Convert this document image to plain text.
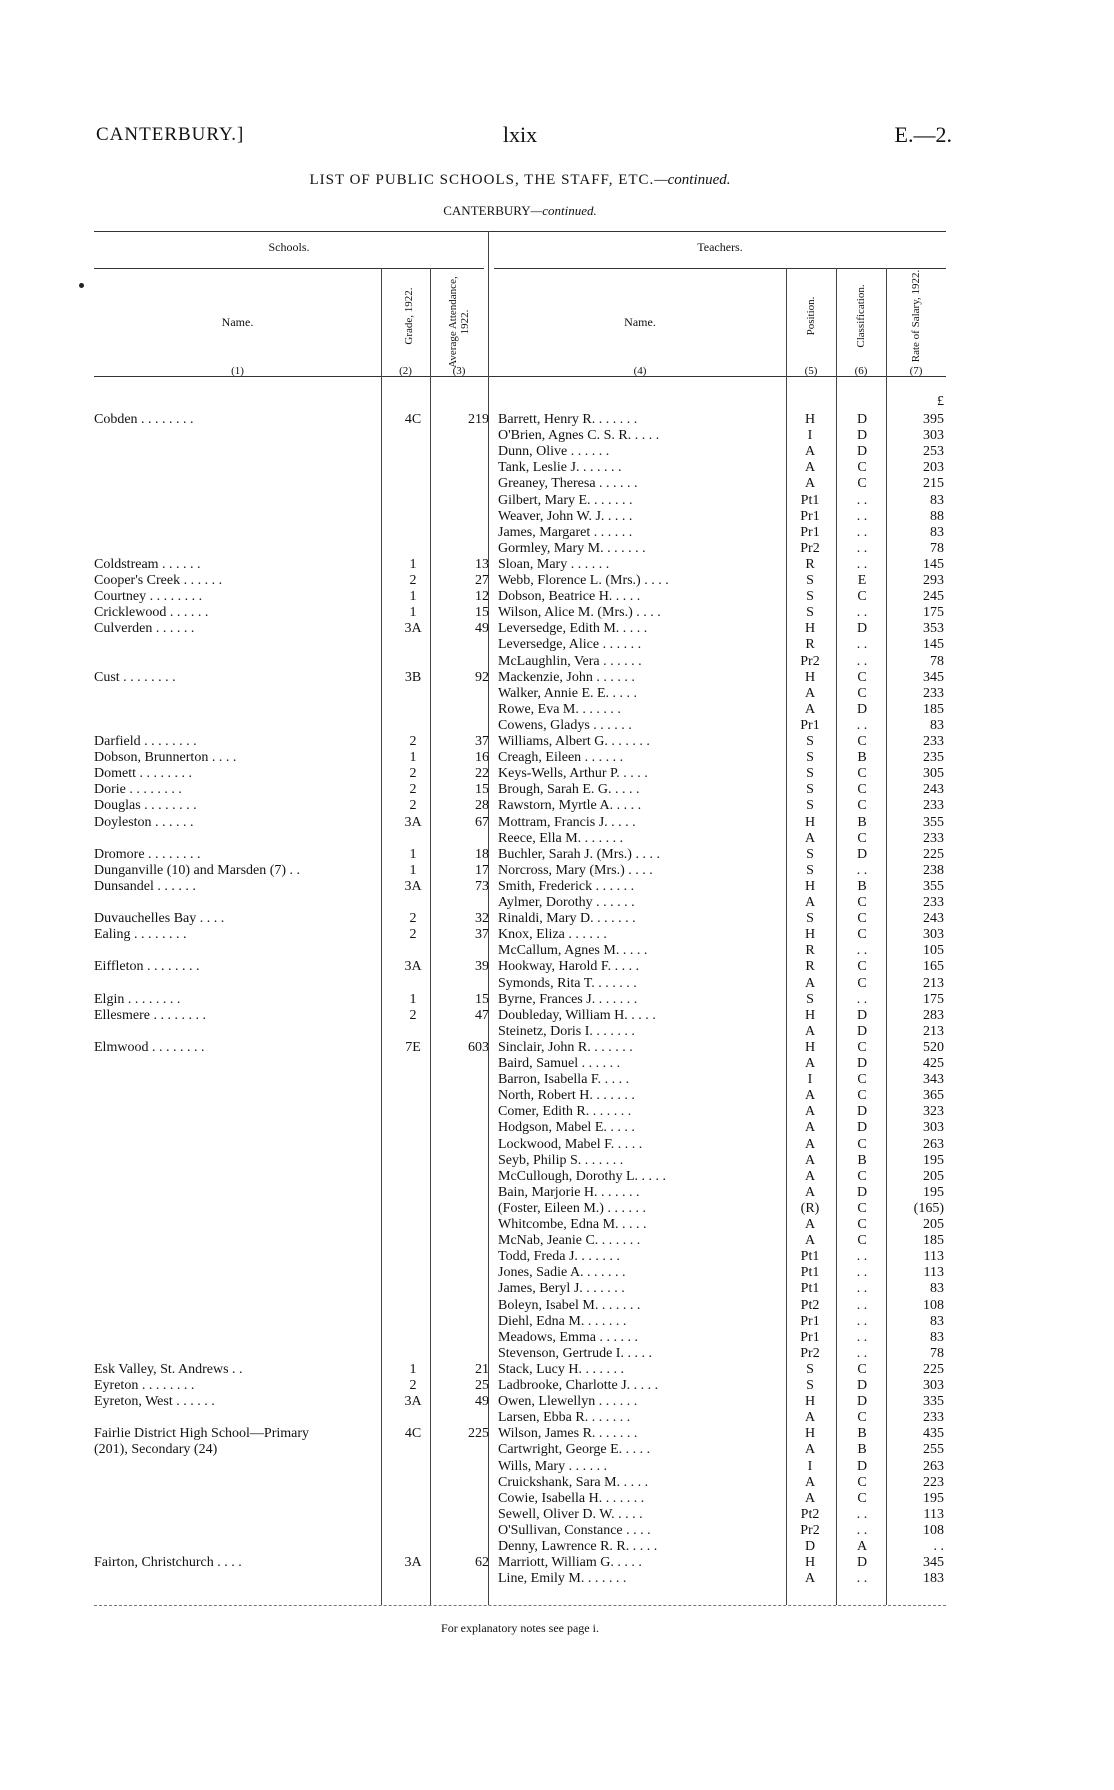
CANTERBURY.]	lxix	E.—2.
LIST OF PUBLIC SCHOOLS, THE STAFF, ETC.—continued.
CANTERBURY—continued.
Schools.	Teachers.
Name.	Grade, 1922.	Average Attendance, 1922.	Name.	Position.	Classification.	Rate of Salary, 1922.
(1)	(2)	(3)	(4)	(5)	(6)	(7)
£
Cobden . . . . . . . .	4C	219 Barrett, Henry R. . . . . . .	H	D	395
O'Brien, Agnes C. S. R. . . . .	I	D	303
Dunn, Olive . . . . . .	A	D	253
Tank, Leslie J. . . . . . .	A	C	203
Greaney, Theresa . . . . . .	A	C	215
Gilbert, Mary E. . . . . . .	Pt1	. .	83
Weaver, John W. J. . . . .	Pr1	. .	88
James, Margaret . . . . . .	Pr1	. .	83
Gormley, Mary M. . . . . . .	Pr2	. .	78
Coldstream . . . . . .	1	13 Sloan, Mary . . . . . .	R	. .	145
Cooper's Creek . . . . . .	2	27 Webb, Florence L. (Mrs.) . . . .	S	E	293
Courtney . . . . . . . .	1	12 Dobson, Beatrice H. . . . .	S	C	245
Cricklewood . . . . . .	1	15 Wilson, Alice M. (Mrs.) . . . .	S	. .	175
Culverden . . . . . .	3A	49 Leversedge, Edith M. . . . .	H	D	353
Leversedge, Alice . . . . . .	R	. .	145
McLaughlin, Vera . . . . . .	Pr2	. .	78
Cust . . . . . . . .	3B	92 Mackenzie, John . . . . . .	H	C	345
Walker, Annie E. E. . . . .	A	C	233
Rowe, Eva M. . . . . . .	A	D	185
Cowens, Gladys . . . . . .	Pr1	. .	83
Darfield . . . . . . . .	2	37 Williams, Albert G. . . . . . .	S	C	233
Dobson, Brunnerton . . . .	1	16 Creagh, Eileen . . . . . .	S	B	235
Domett . . . . . . . .	2	22 Keys-Wells, Arthur P. . . . .	S	C	305
Dorie . . . . . . . .	2	15 Brough, Sarah E. G. . . . .	S	C	243
Douglas . . . . . . . .	2	28 Rawstorn, Myrtle A. . . . .	S	C	233
Doyleston . . . . . .	3A	67 Mottram, Francis J. . . . .	H	B	355
Reece, Ella M. . . . . . .	A	C	233
Dromore . . . . . . . .	1	18 Buchler, Sarah J. (Mrs.) . . . .	S	D	225
Dunganville (10) and Marsden (7) . .	1	17 Norcross, Mary (Mrs.) . . . .	S	. .	238
Dunsandel . . . . . .	3A	73 Smith, Frederick . . . . . .	H	B	355
Aylmer, Dorothy . . . . . .	A	C	233
Duvauchelles Bay . . . .	2	32 Rinaldi, Mary D. . . . . . .	S	C	243
Ealing . . . . . . . .	2	37 Knox, Eliza . . . . . .	H	C	303
McCallum, Agnes M. . . . .	R	. .	105
Eiffleton . . . . . . . .	3A	39 Hookway, Harold F. . . . .	R	C	165
Symonds, Rita T. . . . . . .	A	C	213
Elgin . . . . . . . .	1	15 Byrne, Frances J. . . . . . .	S	. .	175
Ellesmere . . . . . . . .	2	47 Doubleday, William H. . . . .	H	D	283
Steinetz, Doris I. . . . . . .	A	D	213
Elmwood . . . . . . . .	7E	603 Sinclair, John R. . . . . . .	H	C	520
Baird, Samuel . . . . . .	A	D	425
Barron, Isabella F. . . . .	I	C	343
North, Robert H. . . . . . .	A	C	365
Comer, Edith R. . . . . . .	A	D	323
Hodgson, Mabel E. . . . .	A	D	303
Lockwood, Mabel F. . . . .	A	C	263
Seyb, Philip S. . . . . . .	A	B	195
McCullough, Dorothy L. . . . .	A	C	205
Bain, Marjorie H. . . . . . .	A	D	195
(Foster, Eileen M.) . . . . . .	(R)	C	(165)
Whitcombe, Edna M. . . . .	A	C	205
McNab, Jeanie C. . . . . . .	A	C	185
Todd, Freda J. . . . . . .	Pt1	. .	113
Jones, Sadie A. . . . . . .	Pt1	. .	113
James, Beryl J. . . . . . .	Pt1	. .	83
Boleyn, Isabel M. . . . . . .	Pt2	. .	108
Diehl, Edna M. . . . . . .	Pr1	. .	83
Meadows, Emma . . . . . .	Pr1	. .	83
Stevenson, Gertrude I. . . . .	Pr2	. .	78
Esk Valley, St. Andrews . .	1	21 Stack, Lucy H. . . . . . .	S	C	225
Eyreton . . . . . . . .	2	25 Ladbrooke, Charlotte J. . . . .	S	D	303
Eyreton, West . . . . . .	3A	49 Owen, Llewellyn . . . . . .	H	D	335
Larsen, Ebba R. . . . . . .	A	C	233
Fairlie District High School—Primary	4C	225 Wilson, James R. . . . . . .	H	B	435
(201), Secondary (24)	Cartwright, George E. . . . .	A	B	255
Wills, Mary . . . . . .	I	D	263
Cruickshank, Sara M. . . . .	A	C	223
Cowie, Isabella H. . . . . . .	A	C	195
Sewell, Oliver D. W. . . . .	Pt2	. .	113
O'Sullivan, Constance . . . .	Pr2	. .	108
Denny, Lawrence R. R. . . . .	D	A	. .
Fairton, Christchurch . . . .	3A	62 Marriott, William G. . . . .	H	D	345
Line, Emily M. . . . . . .	A	. .	183
For explanatory notes see page i.
